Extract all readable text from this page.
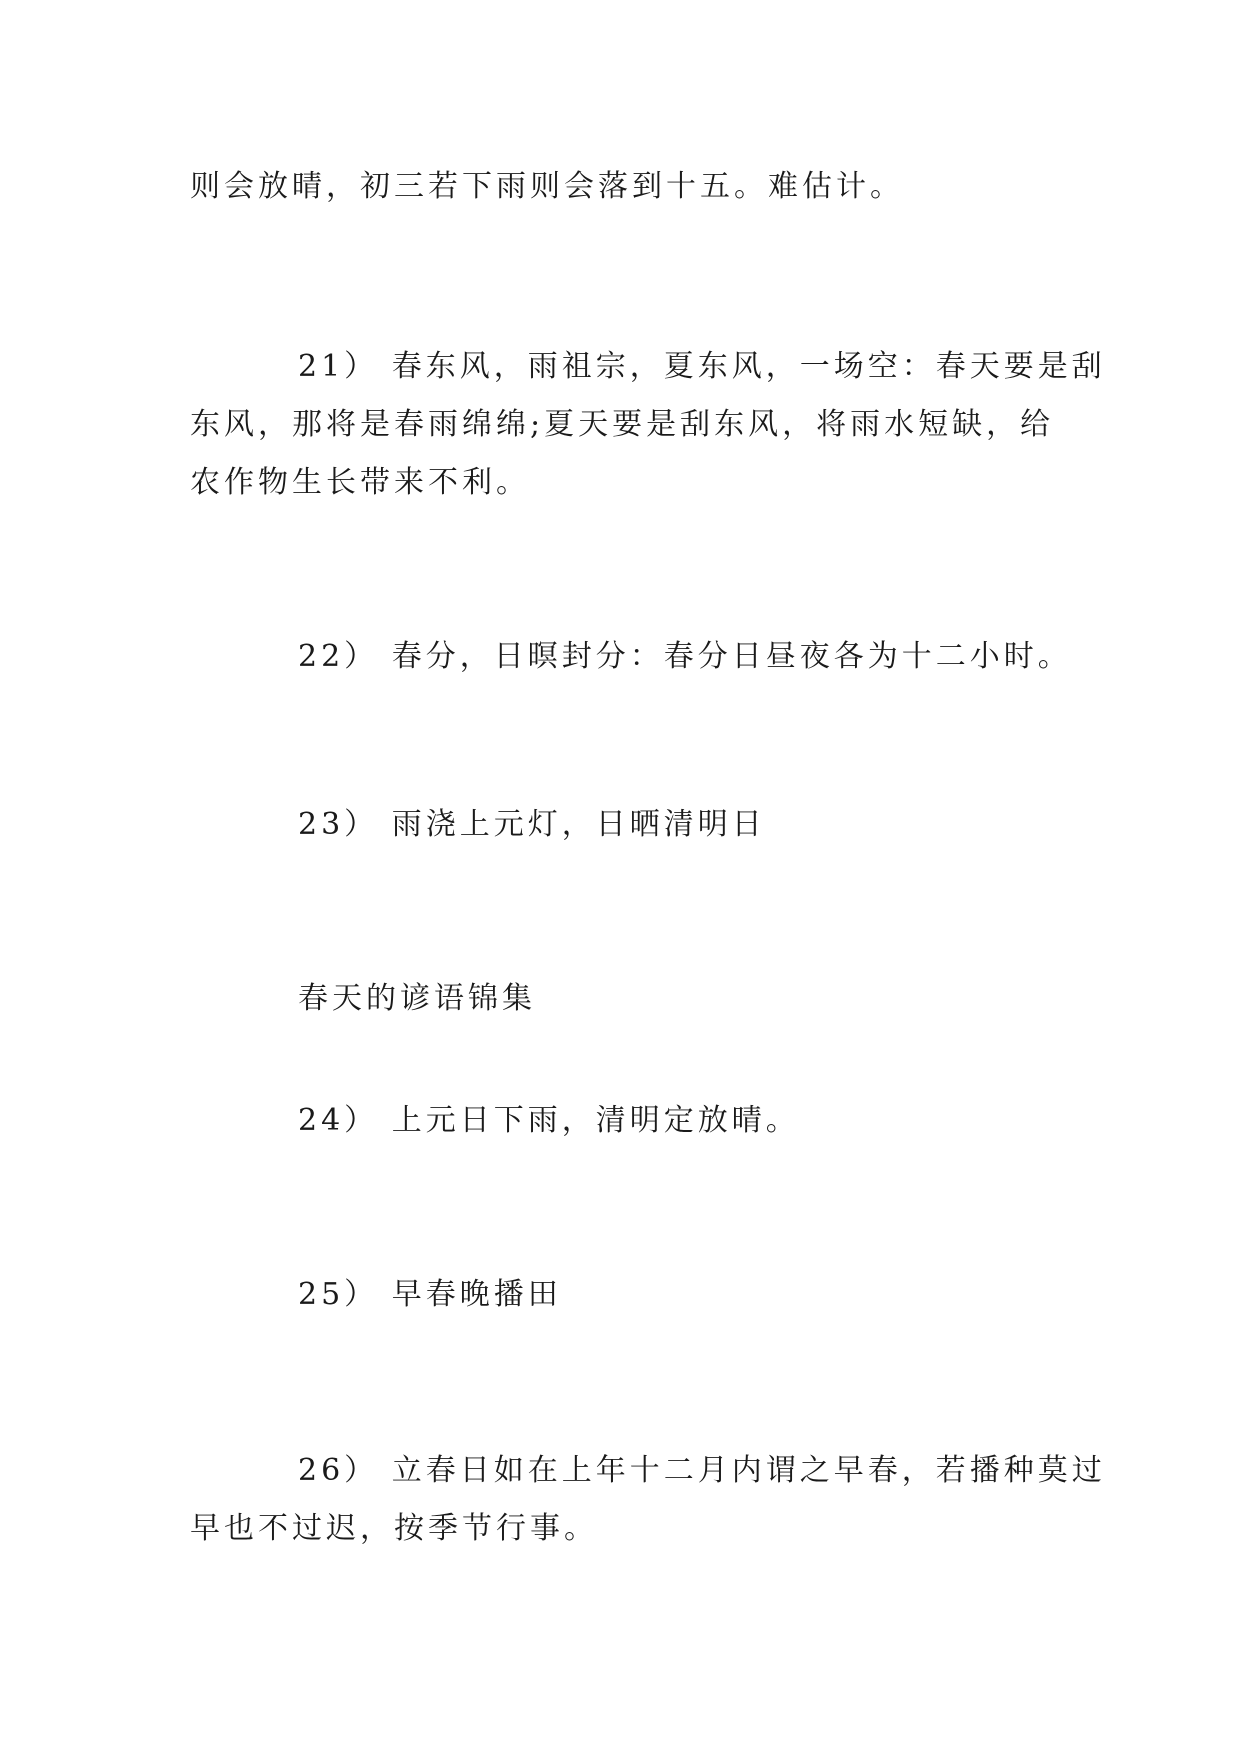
则会放晴，初三若下雨则会落到十五。难估计。

21） 春东风，雨祖宗，夏东风，一场空：春天要是刮

东风，那将是春雨绵绵;夏天要是刮东风，将雨水短缺，给

农作物生长带来不利。

22） 春分，日暝封分：春分日昼夜各为十二小时。

23） 雨浇上元灯，日晒清明日

春天的谚语锦集

24） 上元日下雨，清明定放晴。

25） 早春晚播田

26） 立春日如在上年十二月内谓之早春，若播种莫过

早也不过迟，按季节行事。
